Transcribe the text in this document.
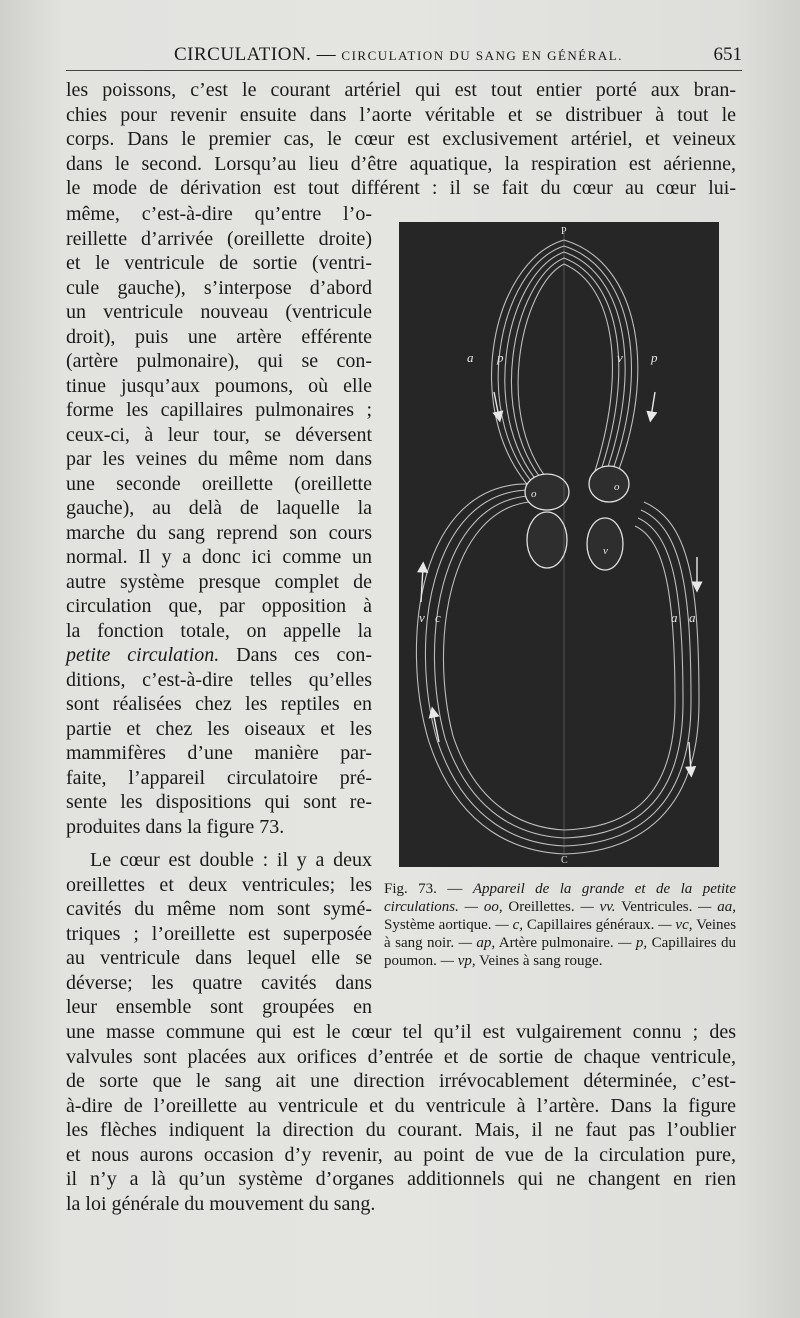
CIRCULATION. — CIRCULATION DU SANG EN GÉNÉRAL.	651
les poissons, c’est le courant artériel qui est tout entier porté aux bran-
chies pour revenir ensuite dans l’aorte véritable et se distribuer à tout le
corps. Dans le premier cas, le cœur est exclusivement artériel, et veineux
dans le second. Lorsqu’au lieu d’être aquatique, la respiration est aérienne,
le mode de dérivation est tout différent : il se fait du cœur au cœur lui-
même, c’est-à-dire qu’entre l’o-
reillette d’arrivée (oreillette droite)
et le ventricule de sortie (ventri-
cule gauche), s’interpose d’abord
un ventricule nouveau (ventricule
droit), puis une artère efférente
(artère pulmonaire), qui se con-
tinue jusqu’aux poumons, où elle
forme les capillaires pulmonaires ;
ceux-ci, à leur tour, se déversent
par les veines du même nom dans
une seconde oreillette (oreillette
gauche), au delà de laquelle la
marche du sang reprend son cours
normal. Il y a donc ici comme un
autre système presque complet de
circulation que, par opposition à
la fonction totale, on appelle la
petite circulation. Dans ces con-
ditions, c’est-à-dire telles qu’elles
sont réalisées chez les reptiles en
partie et chez les oiseaux et les
mammifères d’une manière par-
faite, l’appareil circulatoire pré-
sente les dispositions qui sont re-
produites dans la figure 73.
Le cœur est double : il y a deux
oreillettes et deux ventricules; les
cavités du même nom sont symé-
triques ; l’oreillette est superposée
au ventricule dans lequel elle se
déverse; les quatre cavités dans
leur ensemble sont groupées en
une masse commune qui est le cœur tel qu’il est vulgairement connu ; des
valvules sont placées aux orifices d’entrée et de sortie de chaque ventricule,
de sorte que le sang ait une direction irrévocablement déterminée, c’est-
à-dire de l’oreillette au ventricule et du ventricule à l’artère. Dans la figure
les flèches indiquent la direction du courant. Mais, il ne faut pas l’oublier
et nous aurons occasion d’y revenir, au point de vue de la circulation pure,
il n’y a là qu’un système d’organes additionnels qui ne changent en rien
la loi générale du mouvement du sang.
P
C
a p	v p
v c	a a
o
o
v
Fig. 73. — Appareil de la grande et de la petite circulations. — oo, Oreillettes. — vv. Ventricules. — aa, Système aortique. — c, Capillaires généraux. — vc, Veines à sang noir. — ap, Artère pulmonaire. — p, Capillaires du poumon. — vp, Veines à sang rouge.
